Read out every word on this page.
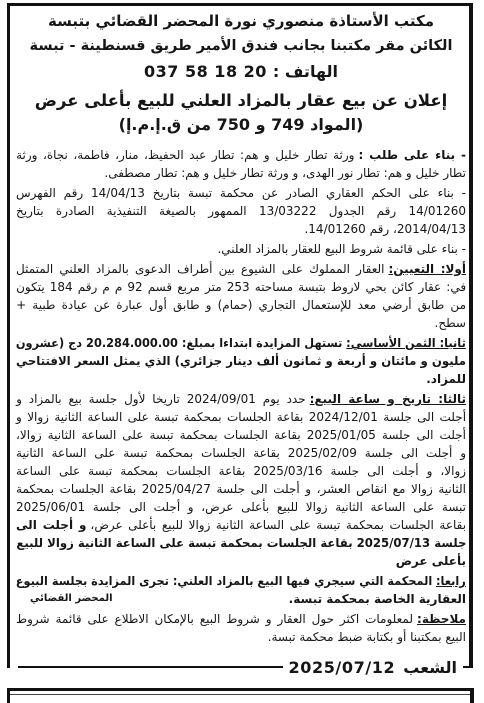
مكتب الأستاذة منصوري نورة المحضر القضائي بتبسة
الكائن مقر مكتبنا بجانب فندق الأمير طريق قسنطينة - تبسة
الهاتف :037 58 18 20
إعلان عن بيع عقار بالمزاد العلني للبيع بأعلى عرض
(المواد 749 و 750 من ق.إ.م.إ)
- بناء على طلب :ورثة تطار خليل و هم: تطار عبد الحفيظ، منار، فاطمة، نجاة، ورثة
تطار خليل و هم: تطار نور الهدى، و ورثة تطار خليل و هم: تطار مصطفى.
- بناء على الحكم العقاري الصادر عن محكمة تبسة بتاريخ 14/04/13 رقم الفهرس
14/01260 رقم الجدول 13/03222 الممهور بالصيغة التنفيذية الصادرة بتاريخ
2014/04/13، رقم 14/01260.
- بناء على قائمة شروط البيع للعقار بالمزاد العلني.
أولا: التعيين:العقار المملوك على الشيوع بين أطراف الدعوى بالمزاد العلني المتمثل
في: عقار كائن بحي لاروط بتبسة مساحته 253 متر مربع قسم 92 م م رقم 184 يتكون
من طابق أرضي معد للإستعمال التجاري (حمام) و طابق أول عبارة عن عيادة طبية +
سطح.
ثانيا: الثمن الأساسي:تستهل المزايدة ابتداءا بمبلغ: 20.284.000.00 دج (عشرون
مليون و مائتان و أربعة و ثمانون ألف دينار جزائري) الذي يمثل السعر الافتتاحي
للمزاد.
ثالثا: تاريخ و ساعة البيع:حدد يوم 2024/09/01 تاريخا لأول جلسة بيع بالمزاد و
أجلت الى جلسة 2024/12/01 بقاعة الجلسات بمحكمة تبسة على الساعة الثانية زوالا و
أجلت الى جلسة 2025/01/05 بقاعة الجلسات بمحكمة تبسة على الساعة الثانية زوالا،
و أجلت الى جلسة 2025/02/09 بقاعة الجلسات بمحكمة تبسة على الساعة الثانية
زوالا، و أجلت الى جلسة 2025/03/16 بقاعة الجلسات بمحكمة تبسة على الساعة
الثانية زوالا مع انقاص العشر، و أجلت الى جلسة 2025/04/27 بقاعة الجلسات بمحكمة
تبسة على الساعة الثانية زوالا للبيع بأعلى عرض، و أجلت الى جلسة 2025/06/01
بقاعة الجلسات بمحكمة تبسة على الساعة الثانية زوالا للبيع بأعلى عرض،و أجلت الى
جلسة 2025/07/13 بقاعة الجلسات بمحكمة تبسة على الساعة الثانية زوالا للبيع
بأعلى عرض
رابعا:المحكمة التي سيجري فيها البيع بالمزاد العلني: تجرى المزايدة بجلسة البيوع
العقارية الخاصة بمحكمة تبسة.
المحضر القضائي
ملاحظة:لمعلومات اكثر حول العقار و شروط البيع بالإمكان الاطلاع على قائمة شروط
البيع بمكتبنا أو بكتابة ضبط محكمة تبسة.
الشعب2025/07/12
